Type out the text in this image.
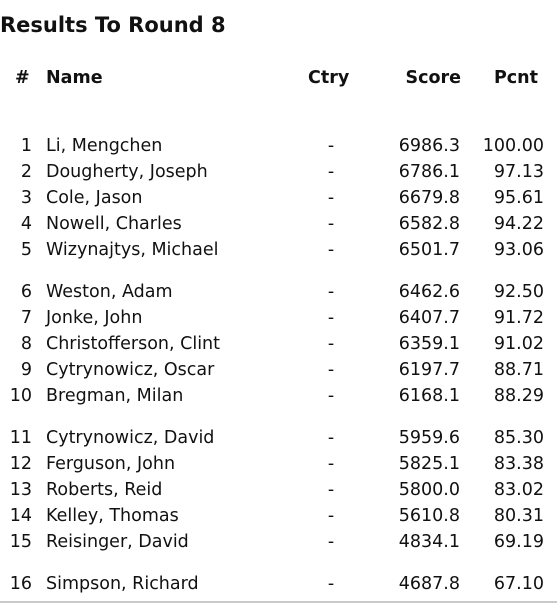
Results To Round 8
# Name	Ctry	Score Pcnt
1 Li, Mengchen	-	6986.3 100.00
2 Dougherty, Joseph	-	6786.1 97.13
3 Cole, Jason	-	6679.8 95.61
4 Nowell, Charles	-	6582.8 94.22
5 Wizynajtys, Michael	-	6501.7 93.06
6 Weston, Adam	-	6462.6 92.50
7 Jonke, John	-	6407.7 91.72
8 Christofferson, Clint	-	6359.1 91.02
9 Cytrynowicz, Oscar	-	6197.7 88.71
10 Bregman, Milan	-	6168.1 88.29
11 Cytrynowicz, David	-	5959.6 85.30
12 Ferguson, John	-	5825.1 83.38
13 Roberts, Reid	-	5800.0 83.02
14 Kelley, Thomas	-	5610.8 80.31
15 Reisinger, David	-	4834.1 69.19
16 Simpson, Richard	-	4687.8 67.10
